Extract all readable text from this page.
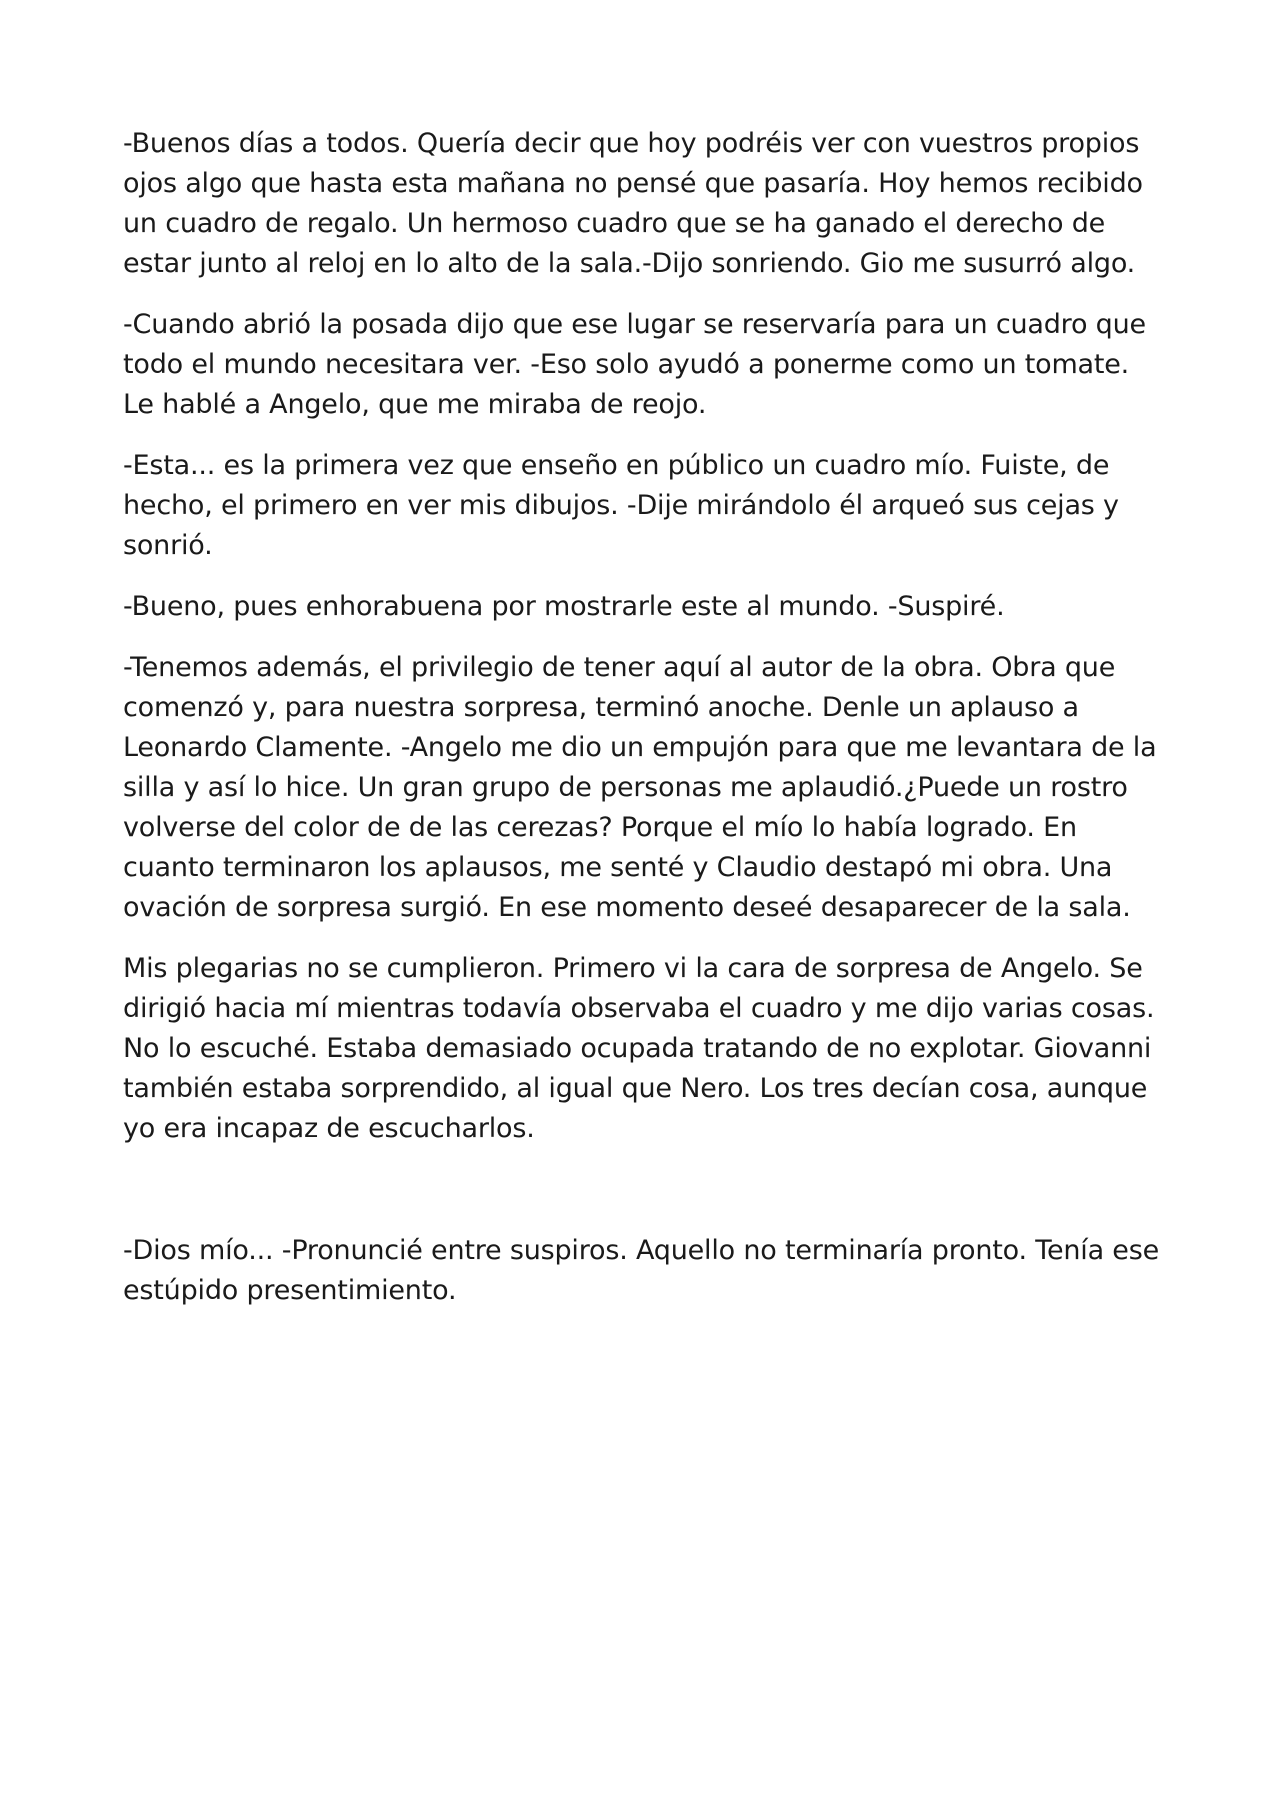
-Buenos días a todos. Quería decir que hoy podréis ver con vuestros propios ojos algo que hasta esta mañana no pensé que pasaría. Hoy hemos recibido un cuadro de regalo. Un hermoso cuadro que se ha ganado el derecho de estar junto al reloj en lo alto de la sala.-Dijo sonriendo. Gio me susurró algo.

-Cuando abrió la posada dijo que ese lugar se reservaría para un cuadro que todo el mundo necesitara ver. -Eso solo ayudó a ponerme como un tomate. Le hablé a Angelo, que me miraba de reojo.

-Esta... es la primera vez que enseño en público un cuadro mío. Fuiste, de hecho, el primero en ver mis dibujos. -Dije mirándolo él arqueó sus cejas y sonrió.

-Bueno, pues enhorabuena por mostrarle este al mundo. -Suspiré.

-Tenemos además, el privilegio de tener aquí al autor de la obra. Obra que comenzó y, para nuestra sorpresa, terminó anoche. Denle un aplauso a Leonardo Clamente. -Angelo me dio un empujón para que me levantara de la silla y así lo hice. Un gran grupo de personas me aplaudió.¿Puede un rostro volverse del color de de las cerezas? Porque el mío lo había logrado. En cuanto terminaron los aplausos, me senté y Claudio destapó mi obra. Una ovación de sorpresa surgió. En ese momento deseé desaparecer de la sala.

Mis plegarias no se cumplieron. Primero vi la cara de sorpresa de Angelo. Se dirigió hacia mí mientras todavía observaba el cuadro y me dijo varias cosas. No lo escuché. Estaba demasiado ocupada tratando de no explotar. Giovanni también estaba sorprendido, al igual que Nero. Los tres decían cosa, aunque yo era incapaz de escucharlos.

-Dios mío... -Pronuncié entre suspiros. Aquello no terminaría pronto. Tenía ese estúpido presentimiento.
